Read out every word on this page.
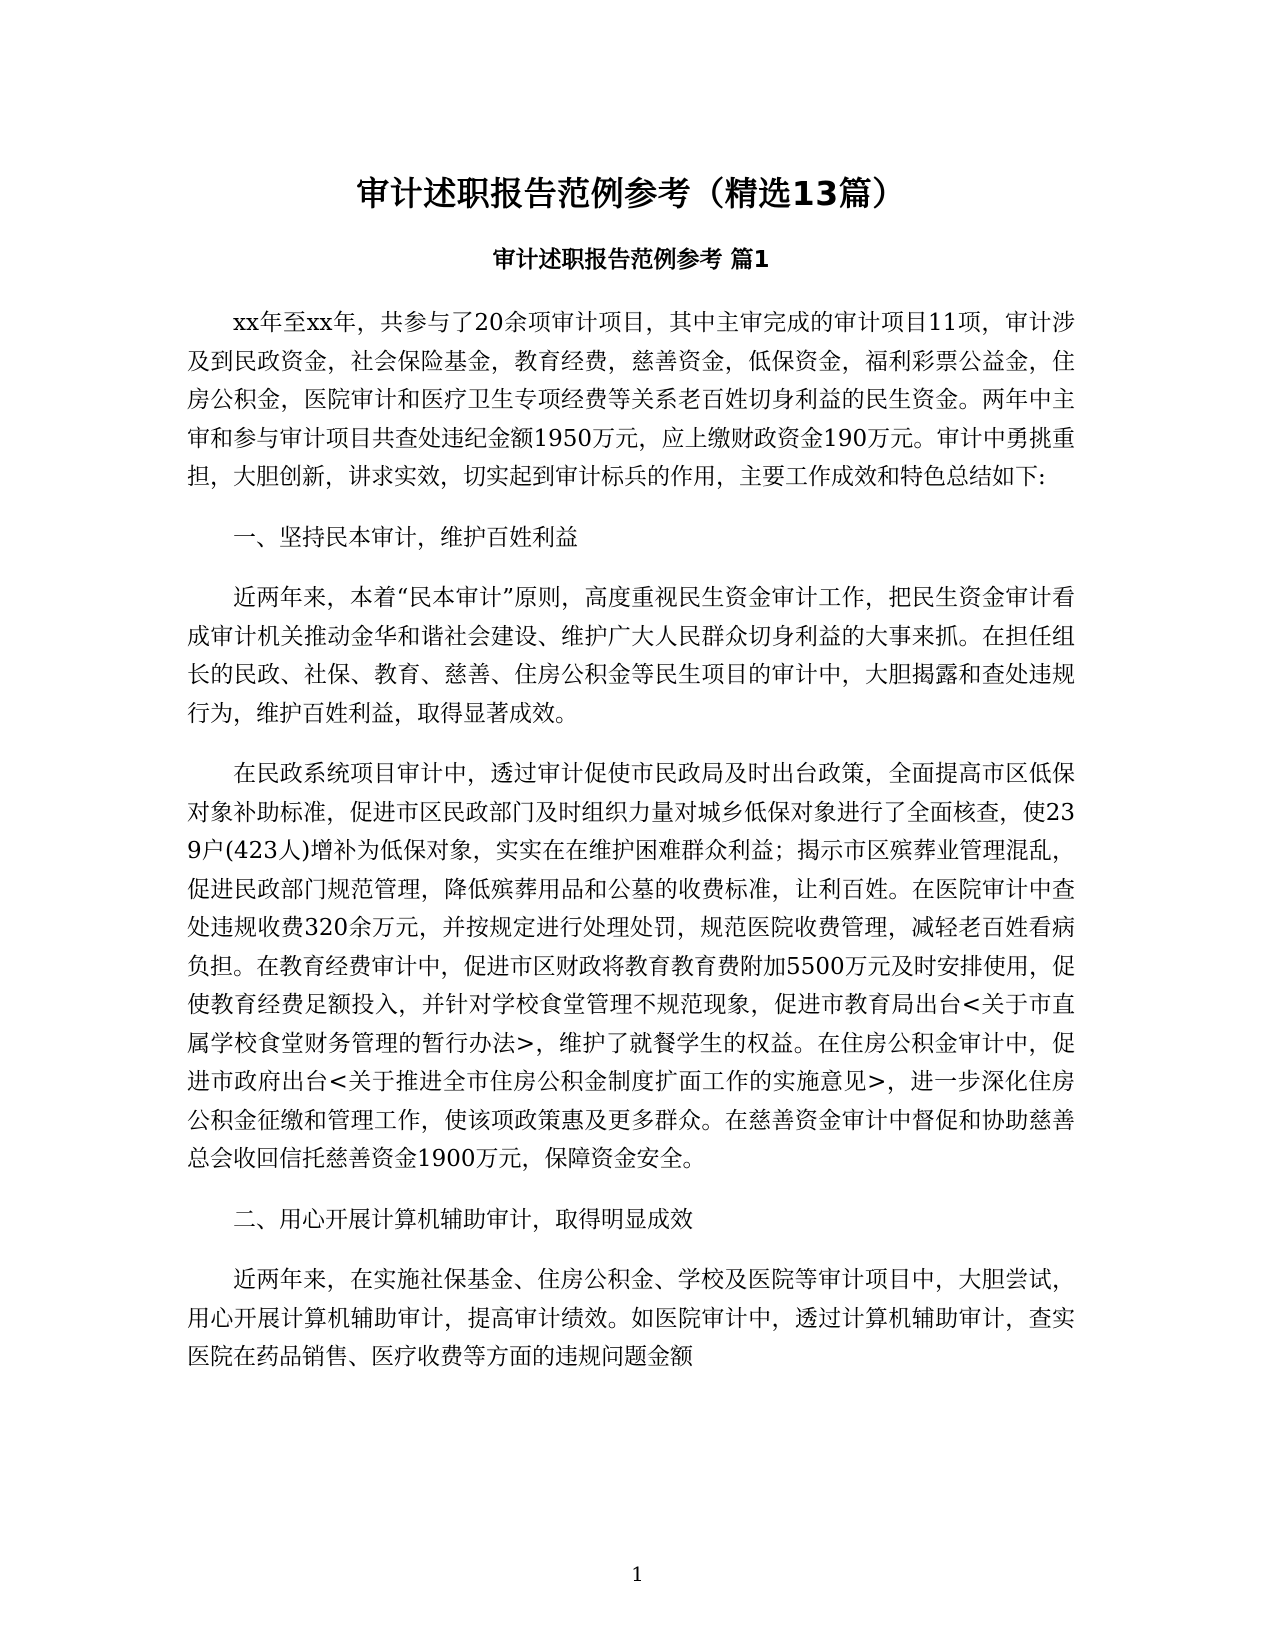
审计述职报告范例参考（精选13篇）
审计述职报告范例参考 篇1

xx年至xx年，共参与了20余项审计项目，其中主审完成的审计项目11项，审计涉及到民政资金，社会保险基金，教育经费，慈善资金，低保资金，福利彩票公益金，住房公积金，医院审计和医疗卫生专项经费等关系老百姓切身利益的民生资金。两年中主审和参与审计项目共查处违纪金额1950万元，应上缴财政资金190万元。审计中勇挑重担，大胆创新，讲求实效，切实起到审计标兵的作用，主要工作成效和特色总结如下:

一、坚持民本审计，维护百姓利益

近两年来，本着“民本审计”原则，高度重视民生资金审计工作，把民生资金审计看成审计机关推动金华和谐社会建设、维护广大人民群众切身利益的大事来抓。在担任组长的民政、社保、教育、慈善、住房公积金等民生项目的审计中，大胆揭露和查处违规行为，维护百姓利益，取得显著成效。

在民政系统项目审计中，透过审计促使市民政局及时出台政策，全面提高市区低保对象补助标准，促进市区民政部门及时组织力量对城乡低保对象进行了全面核查，使239户(423人)增补为低保对象，实实在在维护困难群众利益；揭示市区殡葬业管理混乱，促进民政部门规范管理，降低殡葬用品和公墓的收费标准，让利百姓。在医院审计中查处违规收费320余万元，并按规定进行处理处罚，规范医院收费管理，减轻老百姓看病负担。在教育经费审计中，促进市区财政将教育教育费附加5500万元及时安排使用，促使教育经费足额投入，并针对学校食堂管理不规范现象，促进市教育局出台<关于市直属学校食堂财务管理的暂行办法>，维护了就餐学生的权益。在住房公积金审计中，促进市政府出台<关于推进全市住房公积金制度扩面工作的实施意见>，进一步深化住房公积金征缴和管理工作，使该项政策惠及更多群众。在慈善资金审计中督促和协助慈善总会收回信托慈善资金1900万元，保障资金安全。

二、用心开展计算机辅助审计，取得明显成效

近两年来，在实施社保基金、住房公积金、学校及医院等审计项目中，大胆尝试，用心开展计算机辅助审计，提高审计绩效。如医院审计中，透过计算机辅助审计，查实医院在药品销售、医疗收费等方面的违规问题金额

1
